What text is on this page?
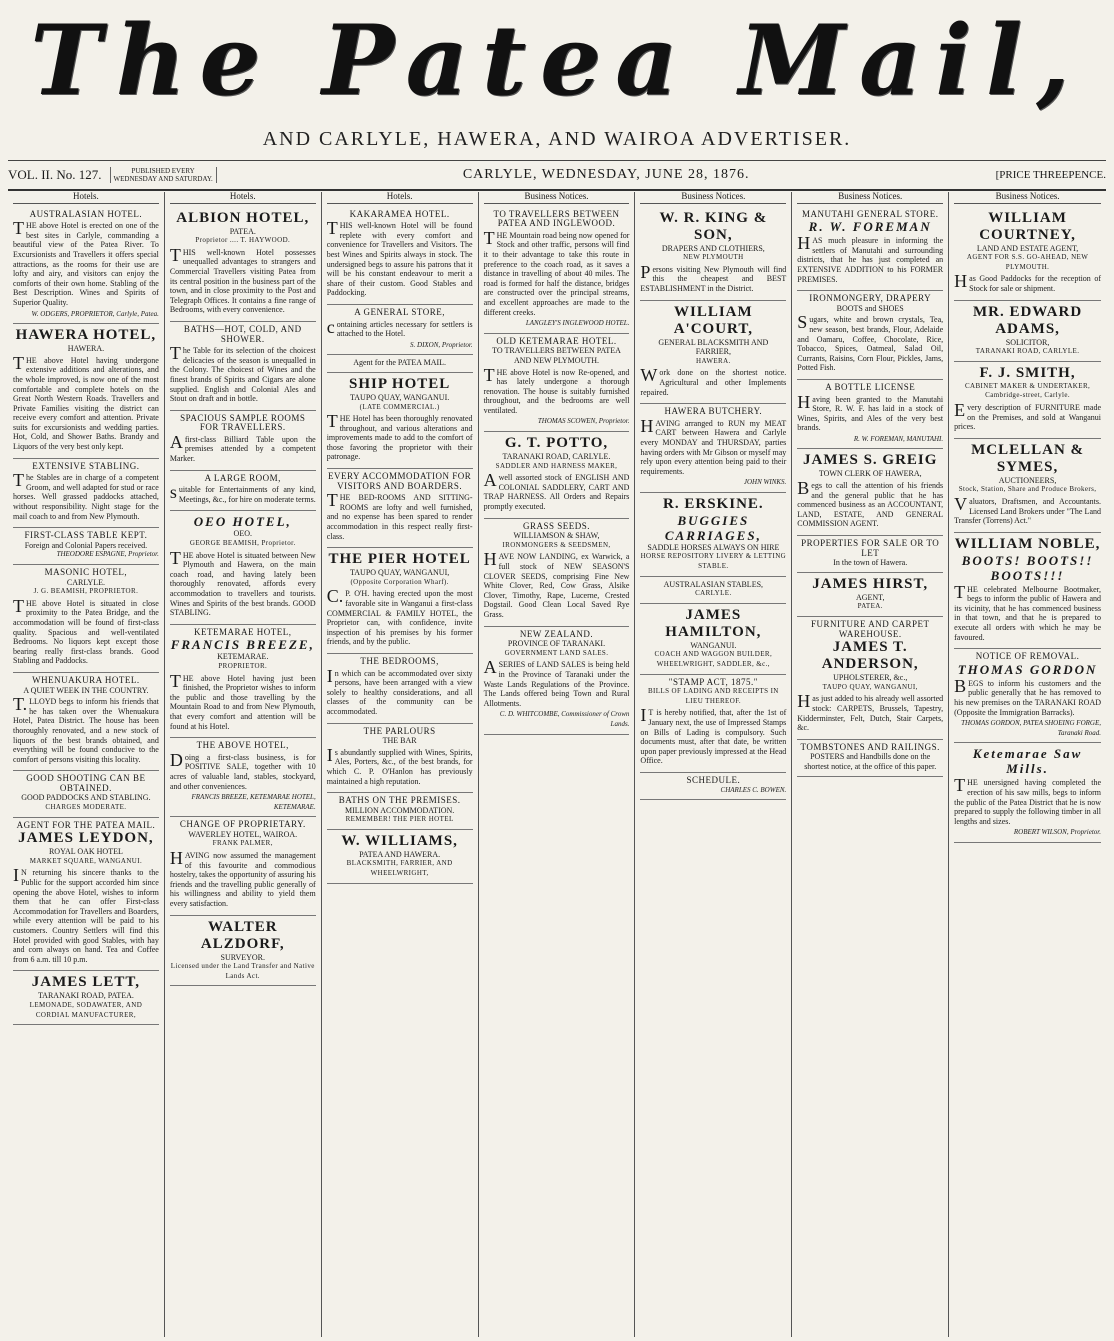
The Patea Mail,
AND CARLYLE, HAWERA, AND WAIROA ADVERTISER.
VOL. II. No. 127.	PUBLISHED EVERY
WEDNESDAY AND SATURDAY.	CARLYLE, WEDNESDAY, JUNE 28, 1876.	[PRICE THREEPENCE.
Hotels.
AUSTRALASIAN HOTEL.
THE above Hotel is erected on one of the best sites in Carlyle, commanding a beautiful view of the Patea River. To Excursionists and Travellers it offers special attractions, as the rooms for their use are lofty and airy, and visitors can enjoy the comforts of their own home. Stabling of the Best Description. Wines and Spirits of Superior Quality.
W. ODGERS, PROPRIETOR, Carlyle, Patea.
HAWERA HOTEL,
HAWERA.
THE above Hotel having undergone extensive additions and alterations, and the whole improved, is now one of the most comfortable and complete hotels on the Great North Western Roads. Travellers and Private Families visiting the district can receive every comfort and attention. Private suits for excursionists and wedding parties. Hot, Cold, and Shower Baths. Brandy and Liquors of the very best only kept.
EXTENSIVE STABLING.
The Stables are in charge of a competent Groom, and well adapted for stud or race horses. Well grassed paddocks attached, without responsibility. Night stage for the mail coach to and from New Plymouth.
FIRST-CLASS TABLE KEPT.
Foreign and Colonial Papers received.
THEODORE ESPAGNE, Proprietor.
MASONIC HOTEL,
CARLYLE.
J. G. BEAMISH, PROPRIETOR.
THE above Hotel is situated in close proximity to the Patea Bridge, and the accommodation will be found of first-class quality. Spacious and well-ventilated Bedrooms. No liquors kept except those bearing really first-class brands. Good Stabling and Paddocks.
WHENUAKURA HOTEL.
A QUIET WEEK IN THE COUNTRY.
T.LLOYD begs to inform his friends that he has taken over the Whenuakura Hotel, Patea District. The house has been thoroughly renovated, and a new stock of liquors of the best brands obtained, and everything will be found conducive to the comfort of persons visiting this locality.
GOOD SHOOTING CAN BE OBTAINED.
GOOD PADDOCKS AND STABLING.
CHARGES MODERATE.
AGENT FOR THE PATEA MAIL.
JAMES LEYDON,
ROYAL OAK HOTEL
MARKET SQUARE, WANGANUI.
IN returning his sincere thanks to the Public for the support accorded him since opening the above Hotel, wishes to inform them that he can offer First-class Accommodation for Travellers and Boarders, while every attention will be paid to his customers. Country Settlers will find this Hotel provided with good Stables, with hay and corn always on hand. Tea and Coffee from 6 a.m. till 10 p.m.
JAMES LETT,
TARANAKI ROAD, PATEA.
LEMONADE, SODAWATER, AND CORDIAL MANUFACTURER,
Hotels.
ALBION HOTEL,
PATEA.
Proprietor .... T. HAYWOOD.
THIS well-known Hotel possesses unequalled advantages to strangers and Commercial Travellers visiting Patea from its central position in the business part of the town, and in close proximity to the Post and Telegraph Offices. It contains a fine range of Bedrooms, with every convenience.
BATHS—HOT, COLD, AND SHOWER.
The Table for its selection of the choicest delicacies of the season is unequalled in the Colony. The choicest of Wines and the finest brands of Spirits and Cigars are alone supplied. English and Colonial Ales and Stout on draft and in bottle.
SPACIOUS SAMPLE ROOMS FOR TRAVELLERS.
Afirst-class Billiard Table upon the premises attended by a competent Marker.
A LARGE ROOM,
suitable for Entertainments of any kind, Meetings, &c., for hire on moderate terms.
OEO HOTEL,
OEO.
GEORGE BEAMISH, Proprietor.
THE above Hotel is situated between New Plymouth and Hawera, on the main coach road, and having lately been thoroughly renovated, affords every accommodation to travellers and tourists. Wines and Spirits of the best brands. GOOD STABLING.
KETEMARAE HOTEL,
FRANCIS BREEZE,
KETEMARAE.
PROPRIETOR.
THE above Hotel having just been finished, the Proprietor wishes to inform the public and those travelling by the Mountain Road to and from New Plymouth, that every comfort and attention will be found at his Hotel.
THE ABOVE HOTEL,
Doing a first-class business, is for POSITIVE SALE, together with 10 acres of valuable land, stables, stockyard, and other conveniences.
FRANCIS BREEZE, KETEMARAE HOTEL, KETEMARAE.
CHANGE OF PROPRIETARY.
WAVERLEY HOTEL, WAIROA.
FRANK PALMER,
HAVING now assumed the management of this favourite and commodious hostelry, takes the opportunity of assuring his friends and the travelling public generally of his willingness and ability to yield them every satisfaction.
WALTER ALZDORF,
SURVEYOR.
Licensed under the Land Transfer and Native Lands Act.
Hotels.
KAKARAMEA HOTEL.
THIS well-known Hotel will be found replete with every comfort and convenience for Travellers and Visitors. The best Wines and Spirits always in stock. The undersigned begs to assure his patrons that it will be his constant endeavour to merit a share of their custom. Good Stables and Paddocking.
A GENERAL STORE,
containing articles necessary for settlers is attached to the Hotel.
S. DIXON, Proprietor.
Agent for the PATEA MAIL.
SHIP HOTEL
TAUPO QUAY, WANGANUI.
(LATE COMMERCIAL.)
THE Hotel has been thoroughly renovated throughout, and various alterations and improvements made to add to the comfort of those favoring the proprietor with their patronage.
EVERY ACCOMMODATION FOR VISITORS AND BOARDERS.
THE BED-ROOMS AND SITTING-ROOMS are lofty and well furnished, and no expense has been spared to render accommodation in this respect really first-class.
THE PIER HOTEL
TAUPO QUAY, WANGANUI,
(Opposite Corporation Wharf).
C.P. O'H. having erected upon the most favorable site in Wanganui a first-class COMMERCIAL & FAMILY HOTEL, the Proprietor can, with confidence, invite inspection of his premises by his former friends, and by the public.
THE BEDROOMS,
In which can be accommodated over sixty persons, have been arranged with a view solely to healthy considerations, and all classes of the community can be accommodated.
THE PARLOURS
THE BAR
Is abundantly supplied with Wines, Spirits, Ales, Porters, &c., of the best brands, for which C. P. O'Hanlon has previously maintained a high reputation.
BATHS ON THE PREMISES.
MILLION ACCOMMODATION.
REMEMBER! THE PIER HOTEL
W. WILLIAMS,
PATEA AND HAWERA.
BLACKSMITH, FARRIER, AND WHEELWRIGHT,
Business Notices.
TO TRAVELLERS BETWEEN PATEA AND INGLEWOOD.
THE Mountain road being now opened for Stock and other traffic, persons will find it to their advantage to take this route in preference to the coach road, as it saves a distance in travelling of about 40 miles. The road is formed for half the distance, bridges are constructed over the principal streams, and excellent approaches are made to the different creeks.
LANGLEY'S INGLEWOOD HOTEL.
OLD KETEMARAE HOTEL.
TO TRAVELLERS BETWEEN PATEA AND NEW PLYMOUTH.
THE above Hotel is now Re-opened, and has lately undergone a thorough renovation. The house is suitably furnished throughout, and the bedrooms are well ventilated.
THOMAS SCOWEN, Proprietor.
G. T. POTTO,
TARANAKI ROAD, CARLYLE.
SADDLER AND HARNESS MAKER,
Awell assorted stock of ENGLISH AND COLONIAL SADDLERY, CART AND TRAP HARNESS. All Orders and Repairs promptly executed.
GRASS SEEDS.
WILLIAMSON & SHAW,
IRONMONGERS & SEEDSMEN,
HAVE NOW LANDING, ex Warwick, a full stock of NEW SEASON'S CLOVER SEEDS, comprising Fine New White Clover, Red, Cow Grass, Alsike Clover, Timothy, Rape, Lucerne, Crested Dogstail. Good Clean Local Saved Rye Grass.
NEW ZEALAND.
PROVINCE OF TARANAKI.
GOVERNMENT LAND SALES.
ASERIES of LAND SALES is being held in the Province of Taranaki under the Waste Lands Regulations of the Province. The Lands offered being Town and Rural Allotments.
C. D. WHITCOMBE, Commissioner of Crown Lands.
Business Notices.
W. R. KING & SON,
DRAPERS AND CLOTHIERS,
NEW PLYMOUTH
Persons visiting New Plymouth will find this the cheapest and BEST ESTABLISHMENT in the District.
WILLIAM A'COURT,
GENERAL BLACKSMITH AND FARRIER,
HAWERA.
Work done on the shortest notice. Agricultural and other Implements repaired.
HAWERA BUTCHERY.
HAVING arranged to RUN my MEAT CART between Hawera and Carlyle every MONDAY and THURSDAY, parties having orders with Mr Gibson or myself may rely upon every attention being paid to their requirements.
JOHN WINKS.
R. ERSKINE.
BUGGIES CARRIAGES,
SADDLE HORSES ALWAYS ON HIRE
HORSE REPOSITORY LIVERY & LETTING STABLE.
AUSTRALASIAN STABLES,
CARLYLE.
JAMES HAMILTON,
WANGANUI.
COACH AND WAGGON BUILDER, WHEELWRIGHT, SADDLER, &c.,
"STAMP ACT, 1875."
BILLS OF LADING AND RECEIPTS IN LIEU THEREOF.
IT is hereby notified, that, after the 1st of January next, the use of Impressed Stamps on Bills of Lading is compulsory. Such documents must, after that date, be written upon paper previously impressed at the Head Office.
SCHEDULE.
CHARLES C. BOWEN.
Business Notices.
MANUTAHI GENERAL STORE.
R. W. FOREMAN
HAS much pleasure in informing the settlers of Manutahi and surrounding districts, that he has just completed an EXTENSIVE ADDITION to his FORMER PREMISES.
IRONMONGERY, DRAPERY
BOOTS and SHOES
Sugars, white and brown crystals, Tea, new season, best brands, Flour, Adelaide and Oamaru, Coffee, Chocolate, Rice, Tobacco, Spices, Oatmeal, Salad Oil, Currants, Raisins, Corn Flour, Pickles, Jams, Potted Fish.
A BOTTLE LICENSE
Having been granted to the Manutahi Store, R. W. F. has laid in a stock of Wines, Spirits, and Ales of the very best brands.
R. W. FOREMAN, MANUTAHI.
JAMES S. GREIG
TOWN CLERK OF HAWERA,
Begs to call the attention of his friends and the general public that he has commenced business as an ACCOUNTANT, LAND, ESTATE, AND GENERAL COMMISSION AGENT.
PROPERTIES FOR SALE OR TO LET
In the town of Hawera.
JAMES HIRST,
AGENT,
PATEA.
FURNITURE AND CARPET WAREHOUSE.
JAMES T. ANDERSON,
UPHOLSTERER, &c.,
TAUPO QUAY, WANGANUI,
Has just added to his already well assorted stock: CARPETS, Brussels, Tapestry, Kidderminster, Felt, Dutch, Stair Carpets, &c.
TOMBSTONES AND RAILINGS.
POSTERS and Handbills done on the shortest notice, at the office of this paper.
Business Notices.
WILLIAM COURTNEY,
LAND AND ESTATE AGENT,
AGENT FOR S.S. GO-AHEAD, NEW PLYMOUTH.
Has Good Paddocks for the reception of Stock for sale or shipment.
MR. EDWARD ADAMS,
SOLICITOR,
TARANAKI ROAD, CARLYLE.
F. J. SMITH,
CABINET MAKER & UNDERTAKER, Cambridge-street, Carlyle.
Every description of FURNITURE made on the Premises, and sold at Wanganui prices.
MCLELLAN & SYMES,
AUCTIONEERS,
Stock, Station, Share and Produce Brokers,
Valuators, Draftsmen, and Accountants. Licensed Land Brokers under "The Land Transfer (Torrens) Act."
WILLIAM NOBLE,
BOOTS! BOOTS!! BOOTS!!!
THE celebrated Melbourne Bootmaker, begs to inform the public of Hawera and its vicinity, that he has commenced business in that town, and that he is prepared to execute all orders with which he may be favoured.
NOTICE OF REMOVAL.
THOMAS GORDON
BEGS to inform his customers and the public generally that he has removed to his new premises on the TARANAKI ROAD (Opposite the Immigration Barracks).
THOMAS GORDON, PATEA SHOEING FORGE, Taranaki Road.
Ketemarae Saw Mills.
THE unersigned having completed the erection of his saw mills, begs to inform the public of the Patea District that he is now prepared to supply the following timber in all lengths and sizes.
ROBERT WILSON, Proprietor.
